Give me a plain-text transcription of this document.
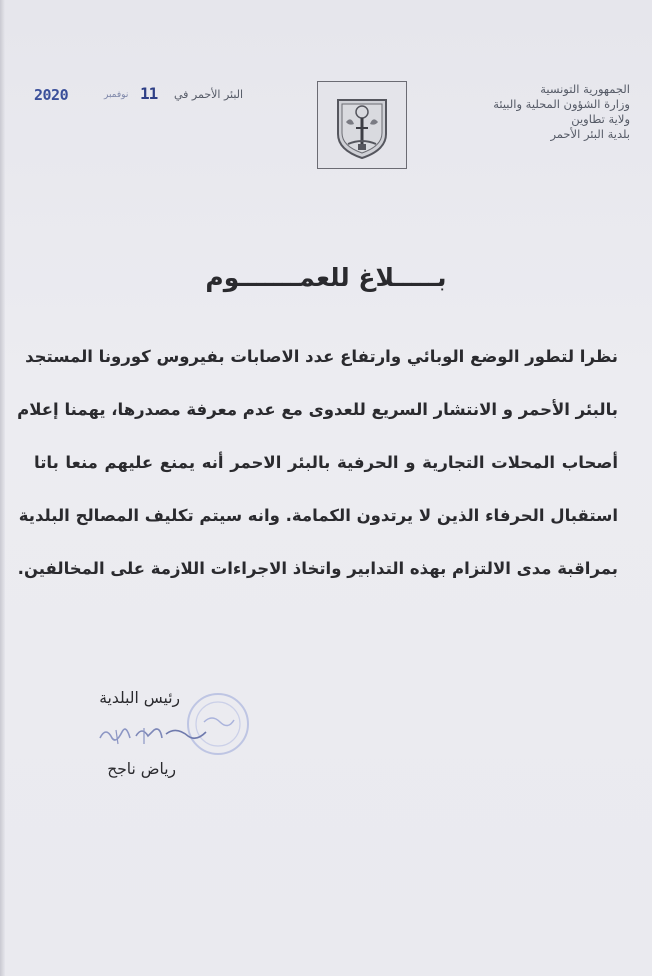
الجمهورية التونسية
وزارة الشؤون المحلية والبيئة
ولاية تطاوين
بلدية البئر الأحمر
2020	نوفمبر 11 البئر الأحمر في
بـــــلاغ للعمـــــــوم
نظرا لتطور الوضع الوبائي وارتفاع عدد الاصابات بفيروس كورونا المستجد
بالبئر الأحمر و الانتشار السريع للعدوى مع عدم معرفة مصدرها، يهمنا إعلام
أصحاب المحلات التجارية و الحرفية بالبئر الاحمر أنه يمنع عليهم منعا باتا
استقبال الحرفاء الذين لا يرتدون الكمامة. وانه سيتم تكليف المصالح البلدية
بمراقبة مدى الالتزام بهذه التدابير واتخاذ الاجراءات اللازمة على المخالفين.
رئيس البلدية
رياض ناجح
